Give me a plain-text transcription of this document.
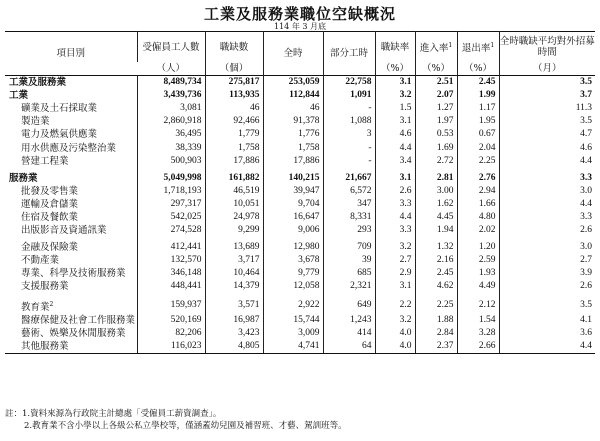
工業及服務業職位空缺概況
114 年 3 月底
項目別	受僱員工人數	職缺數	全時	部分工時	職缺率	進入率$^1$	退出率$^1$	全時職缺平均對外招募時間
	（人）	（個）			（%）	（%）	（%）	（月）
工業及服務業	8,489,734	275,817	253,059	22,758	3.1	2.51	2.45	3.5
工業	3,439,736	113,935	112,844	1,091	3.2	2.07	1.99	3.7
礦業及土石採取業	3,081	46	46	-	1.5	1.27	1.17	11.3
製造業	2,860,918	92,466	91,378	1,088	3.1	1.97	1.95	3.5
電力及燃氣供應業	36,495	1,779	1,776	3	4.6	0.53	0.67	4.7
用水供應及污染整治業	38,339	1,758	1,758	-	4.4	1.69	2.04	4.6
營建工程業	500,903	17,886	17,886	-	3.4	2.72	2.25	4.4
服務業	5,049,998	161,882	140,215	21,667	3.1	2.81	2.76	3.3
批發及零售業	1,718,193	46,519	39,947	6,572	2.6	3.00	2.94	3.0
運輸及倉儲業	297,317	10,051	9,704	347	3.3	1.62	1.66	4.4
住宿及餐飲業	542,025	24,978	16,647	8,331	4.4	4.45	4.80	3.3
出版影音及資通訊業	274,528	9,299	9,006	293	3.3	1.94	2.02	2.6
金融及保險業	412,441	13,689	12,980	709	3.2	1.32	1.20	3.0
不動產業	132,570	3,717	3,678	39	2.7	2.16	2.59	2.7
專業、科學及技術服務業	346,148	10,464	9,779	685	2.9	2.45	1.93	3.9
支援服務業	448,441	14,379	12,058	2,321	3.1	4.62	4.49	2.6
教育業$^2$	159,937	3,571	2,922	649	2.2	2.25	2.12	3.5
醫療保健及社會工作服務業	520,169	16,987	15,744	1,243	3.2	1.88	1.54	4.1
藝術、娛樂及休閒服務業	82,206	3,423	3,009	414	4.0	2.84	3.28	3.6
其他服務業	116,023	4,805	4,741	64	4.0	2.37	2.66	4.4
註：1.資料來源為行政院主計總處「受僱員工薪資調查」。
2.教育業不含小學以上各級公私立學校等，僅涵蓋幼兒園及補習班、才藝、駕訓班等。
